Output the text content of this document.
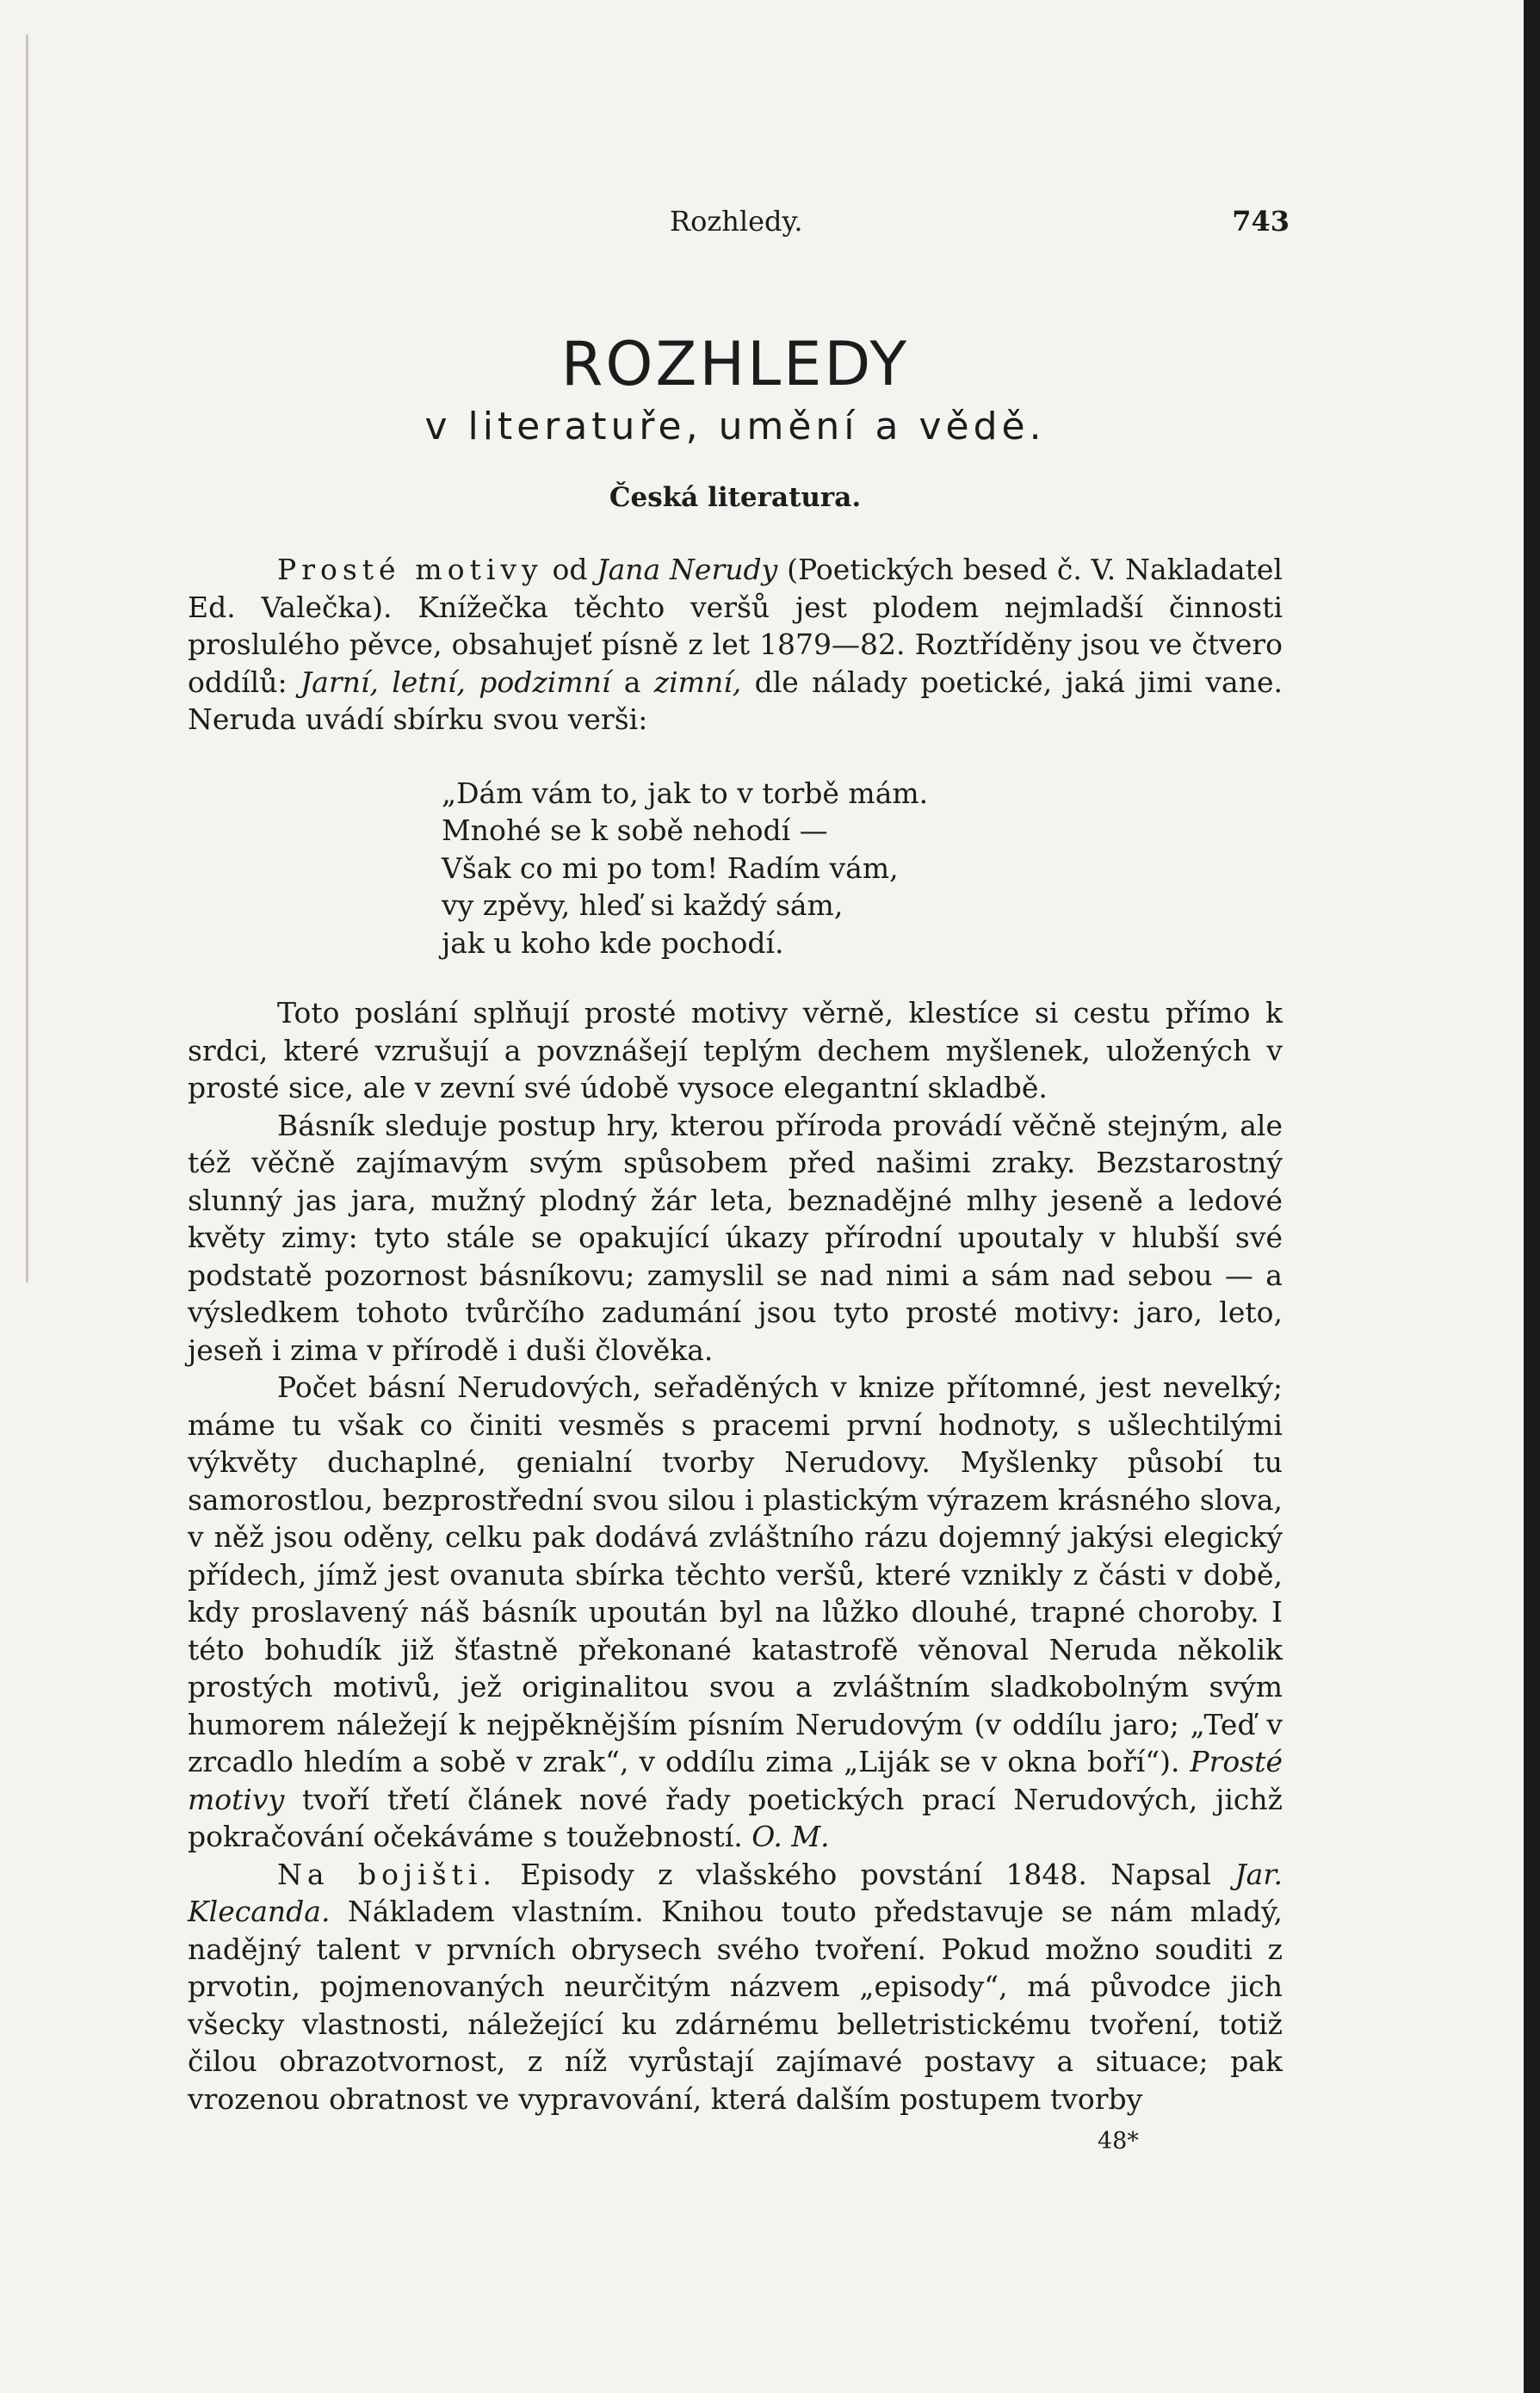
Rozhledy.	743
ROZHLEDY
v literatuře, umění a vědě.
Česká literatura.

Prosté motivy od Jana Nerudy (Poetických besed č. V. Nakladatel Ed. Valečka). Knížečka těchto veršů jest plodem nejmladší činnosti proslulého pěvce, obsahujeť písně z let 1879—82. Roztříděny jsou ve čtvero oddílů: Jarní, letní, podzimní a zimní, dle nálady poetické, jaká jimi vane. Neruda uvádí sbírku svou verši:

„Dám vám to, jak to v torbě mám.
Mnohé se k sobě nehodí —
Však co mi po tom! Radím vám,
vy zpěvy, hleď si každý sám,
jak u koho kde pochodí.

Toto poslání splňují prosté motivy věrně, klestíce si cestu přímo k srdci, které vzrušují a povznášejí teplým dechem myšlenek, uložených v prosté sice, ale v zevní své údobě vysoce elegantní skladbě.

Básník sleduje postup hry, kterou příroda provádí věčně stejným, ale též věčně zajímavým svým spůsobem před našimi zraky. Bezstarostný slunný jas jara, mužný plodný žár leta, beznadějné mlhy jeseně a ledové květy zimy: tyto stále se opakující úkazy přírodní upoutaly v hlubší své podstatě pozornost básníkovu; zamyslil se nad nimi a sám nad sebou — a výsledkem tohoto tvůrčího zadumání jsou tyto prosté motivy: jaro, leto, jeseň i zima v přírodě i duši člověka.

Počet básní Nerudových, seřaděných v knize přítomné, jest nevelký; máme tu však co činiti vesměs s pracemi první hodnoty, s ušlechtilými výkvěty duchaplné, genialní tvorby Nerudovy. Myšlenky působí tu samorostlou, bezprostřední svou silou i plastickým výrazem krásného slova, v něž jsou oděny, celku pak dodává zvláštního rázu dojemný jakýsi elegický přídech, jímž jest ovanuta sbírka těchto veršů, které vznikly z části v době, kdy proslavený náš básník upoután byl na lůžko dlouhé, trapné choroby. I této bohudík již šťastně překonané katastrofě věnoval Neruda několik prostých motivů, jež originalitou svou a zvláštním sladkobolným svým humorem náležejí k nejpěknějším písním Nerudovým (v oddílu jaro; „Teď v zrcadlo hledím a sobě v zrak“, v oddílu zima „Liják se v okna boří“). Prosté motivy tvoří třetí článek nové řady poetických prací Nerudových, jichž pokračování očekáváme s toužebností. O. M.

Na bojišti. Episody z vlašského povstání 1848. Napsal Jar. Klecanda. Nákladem vlastním. Knihou touto představuje se nám mladý, nadějný talent v prvních obrysech svého tvoření. Pokud možno souditi z prvotin, pojmenovaných neurčitým názvem „episody“, má původce jich všecky vlastnosti, náležející ku zdárnému belletristickému tvoření, totiž čilou obrazotvornost, z níž vyrůstají zajímavé postavy a situace; pak vrozenou obratnost ve vypravování, která dalším postupem tvorby

48*
